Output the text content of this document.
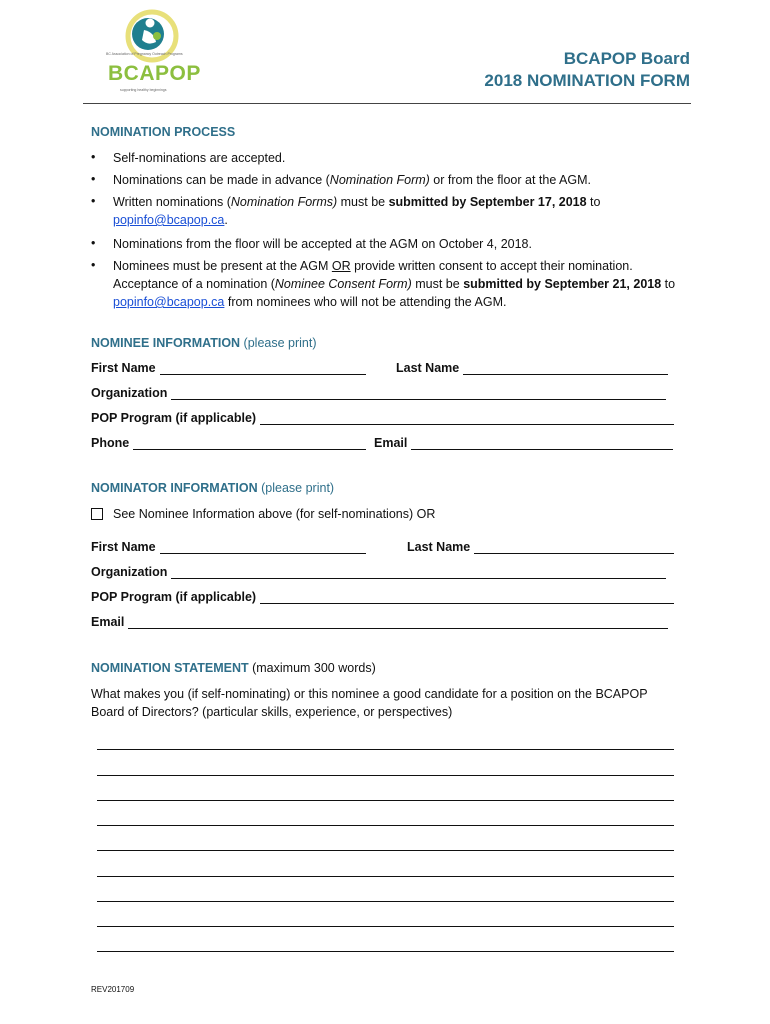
BC Association of Pregnancy Outreach Programs
BCAPOP
supporting healthy beginnings
BCAPOP Board
2018 NOMINATION FORM
NOMINATION PROCESS
• Self-nominations are accepted.
• Nominations can be made in advance (Nomination Form) or from the floor at the AGM.
• Written nominations (Nomination Forms) must be submitted by September 17, 2018 to
popinfo@bcapop.ca.
• Nominations from the floor will be accepted at the AGM on October 4, 2018.
• Nominees must be present at the AGM OR provide written consent to accept their nomination.
Acceptance of a nomination (Nominee Consent Form) must be submitted by September 21, 2018 to
popinfo@bcapop.ca from nominees who will not be attending the AGM.
NOMINEE INFORMATION (please print)
First Name	Last Name
Organization
POP Program (if applicable)
Phone	Email
NOMINATOR INFORMATION (please print)
See Nominee Information above (for self-nominations) OR
First Name	Last Name
Organization
POP Program (if applicable)
Email
NOMINATION STATEMENT (maximum 300 words)
What makes you (if self-nominating) or this nominee a good candidate for a position on the BCAPOP
Board of Directors? (particular skills, experience, or perspectives)
REV201709
